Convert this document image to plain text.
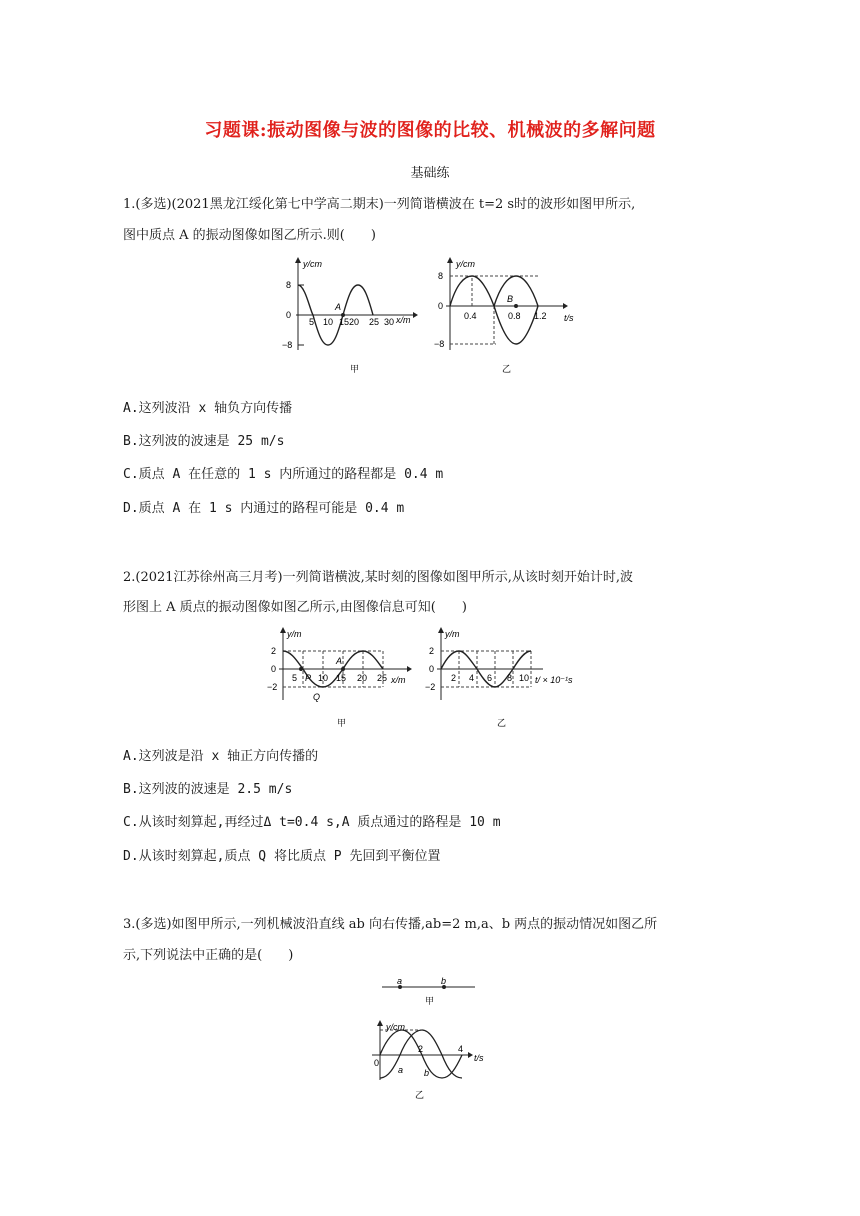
习题课:振动图像与波的图像的比较、机械波的多解问题
基础练
1.(多选)(2021黑龙江绥化第七中学高二期末)一列简谐横波在 t=2 s时的波形如图甲所示,
图中质点 A 的振动图像如图乙所示.则(　　)
y/cm
8
0
−8
5 10 1520 25 30 x/m
A
甲
y/cm
8
0
−8
0.4	0.8 1.2 t/s
B
乙
A.这列波沿 x 轴负方向传播
B.这列波的波速是 25 m/s
C.质点 A 在任意的 1 s 内所通过的路程都是 0.4 m
D.质点 A 在 1 s 内通过的路程可能是 0.4 m
2.(2021江苏徐州高三月考)一列简谐横波,某时刻的图像如图甲所示,从该时刻开始计时,波
形图上 A 质点的振动图像如图乙所示,由图像信息可知(　　)
y/m
2
0
−2
5 10 15 20 25 x/m
P
A
Q
甲
y/m
2
0
−2
2 4 6 8 10 t/ × 10⁻¹s
乙
A.这列波是沿 x 轴正方向传播的
B.这列波的波速是 2.5 m/s
C.从该时刻算起,再经过Δ t=0.4 s,A 质点通过的路程是 10 m
D.从该时刻算起,质点 Q 将比质点 P 先回到平衡位置
3.(多选)如图甲所示,一列机械波沿直线 ab 向右传播,ab=2 m,a、b 两点的振动情况如图乙所
示,下列说法中正确的是(　　)
a	b
甲
y/cm
0
2	4
t/s
a b
乙
